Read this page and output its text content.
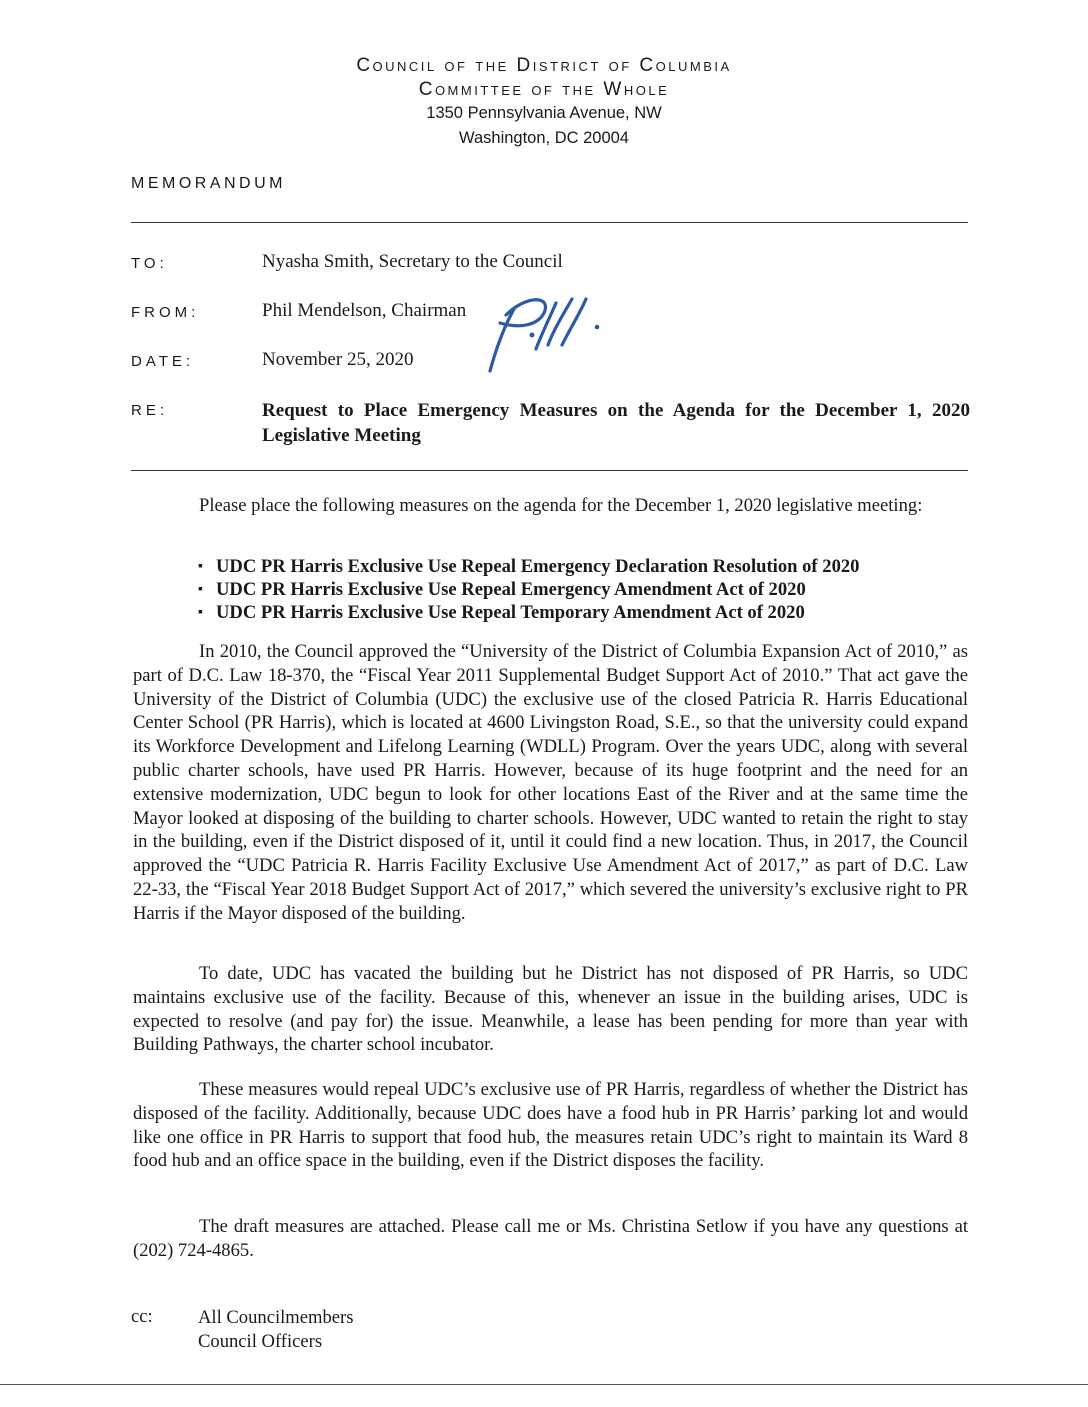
Council of the District of Columbia
Committee of the Whole
1350 Pennsylvania Avenue, NW
Washington, DC 20004
MEMORANDUM
TO:	Nyasha Smith, Secretary to the Council
FROM:	Phil Mendelson, Chairman
DATE:	November 25, 2020
RE:	Request to Place Emergency Measures on the Agenda for the December 1, 2020 Legislative Meeting
Please place the following measures on the agenda for the December 1, 2020 legislative meeting:
▪ UDC PR Harris Exclusive Use Repeal Emergency Declaration Resolution of 2020
▪ UDC PR Harris Exclusive Use Repeal Emergency Amendment Act of 2020
▪ UDC PR Harris Exclusive Use Repeal Temporary Amendment Act of 2020
In 2010, the Council approved the “University of the District of Columbia Expansion Act of 2010,” as part of D.C. Law 18-370, the “Fiscal Year 2011 Supplemental Budget Support Act of 2010.” That act gave the University of the District of Columbia (UDC) the exclusive use of the closed Patricia R. Harris Educational Center School (PR Harris), which is located at 4600 Livingston Road, S.E., so that the university could expand its Workforce Development and Lifelong Learning (WDLL) Program. Over the years UDC, along with several public charter schools, have used PR Harris. However, because of its huge footprint and the need for an extensive modernization, UDC begun to look for other locations East of the River and at the same time the Mayor looked at disposing of the building to charter schools. However, UDC wanted to retain the right to stay in the building, even if the District disposed of it, until it could find a new location. Thus, in 2017, the Council approved the “UDC Patricia R. Harris Facility Exclusive Use Amendment Act of 2017,” as part of D.C. Law 22-33, the “Fiscal Year 2018 Budget Support Act of 2017,” which severed the university’s exclusive right to PR Harris if the Mayor disposed of the building.
To date, UDC has vacated the building but he District has not disposed of PR Harris, so UDC maintains exclusive use of the facility. Because of this, whenever an issue in the building arises, UDC is expected to resolve (and pay for) the issue. Meanwhile, a lease has been pending for more than year with Building Pathways, the charter school incubator.
These measures would repeal UDC’s exclusive use of PR Harris, regardless of whether the District has disposed of the facility. Additionally, because UDC does have a food hub in PR Harris’ parking lot and would like one office in PR Harris to support that food hub, the measures retain UDC’s right to maintain its Ward 8 food hub and an office space in the building, even if the District disposes the facility.
The draft measures are attached. Please call me or Ms. Christina Setlow if you have any questions at (202) 724-4865.
cc: All Councilmembers
Council Officers
